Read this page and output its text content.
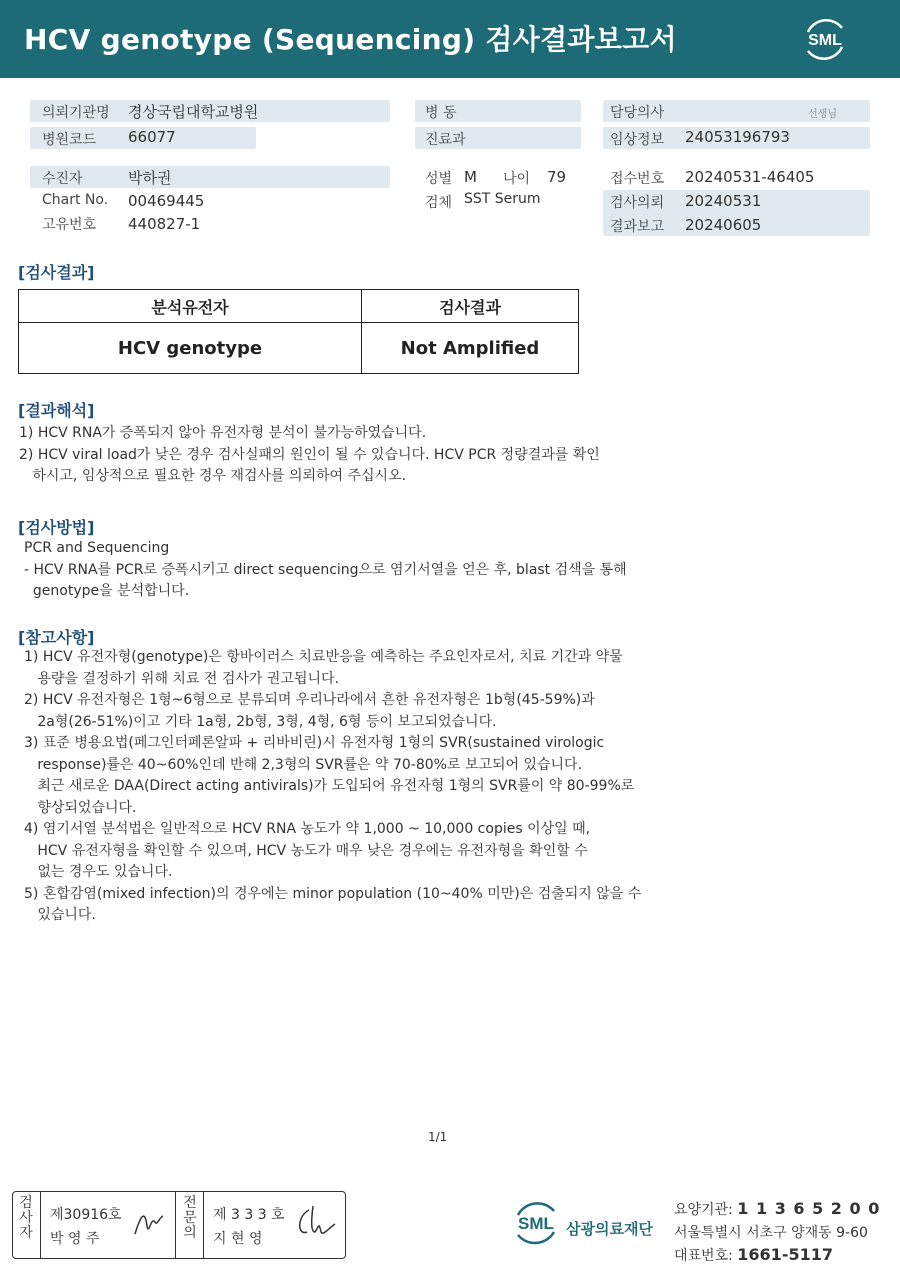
HCV genotype (Sequencing) 검사결과보고서	SML
의뢰기관명 경상국립대학교병원
병원코드 66077
병 동
진료과
담당의사	선생님
임상정보 24053196793
수진자	박하권
Chart No. 00469445
고유번호 440827-1
성별 M 나이 79
검체 SST Serum
접수번호 20240531-46405
검사의뢰 20240531
결과보고 20240605
[검사결과]
분석유전자	검사결과
HCV genotype	Not Amplified
[결과해석]
1) HCV RNA가 증폭되지 않아 유전자형 분석이 불가능하였습니다.
2) HCV viral load가 낮은 경우 검사실패의 원인이 될 수 있습니다. HCV PCR 정량결과를 확인
하시고, 임상적으로 필요한 경우 재검사를 의뢰하여 주십시오.
[검사방법]
PCR and Sequencing
- HCV RNA를 PCR로 증폭시키고 direct sequencing으로 염기서열을 얻은 후, blast 검색을 통해
genotype을 분석합니다.
[참고사항]
1) HCV 유전자형(genotype)은 항바이러스 치료반응을 예측하는 주요인자로서, 치료 기간과 약물
용량을 결정하기 위해 치료 전 검사가 권고됩니다.
2) HCV 유전자형은 1형~6형으로 분류되며 우리나라에서 흔한 유전자형은 1b형(45-59%)과
2a형(26-51%)이고 기타 1a형, 2b형, 3형, 4형, 6형 등이 보고되었습니다.
3) 표준 병용요법(페그인터페론알파 + 리바비린)시 유전자형 1형의 SVR(sustained virologic
response)률은 40~60%인데 반해 2,3형의 SVR률은 약 70-80%로 보고되어 있습니다.
최근 새로운 DAA(Direct acting antivirals)가 도입되어 유전자형 1형의 SVR률이 약 80-99%로
향상되었습니다.
4) 염기서열 분석법은 일반적으로 HCV RNA 농도가 약 1,000 ~ 10,000 copies 이상일 때,
HCV 유전자형을 확인할 수 있으며, HCV 농도가 매우 낮은 경우에는 유전자형을 확인할 수
없는 경우도 있습니다.
5) 혼합감염(mixed infection)의 경우에는 minor population (10~40% 미만)은 검출되지 않을 수
있습니다.
1/1
검
사
자
제30916호
박 영 주
전
문
의
제 3 3 3 호
지 현 영
SML 삼광의료재단
요양기관: 1 1 3 6 5 2 0 0
서울특별시 서초구 양재동 9-60
대표번호: 1661-5117
